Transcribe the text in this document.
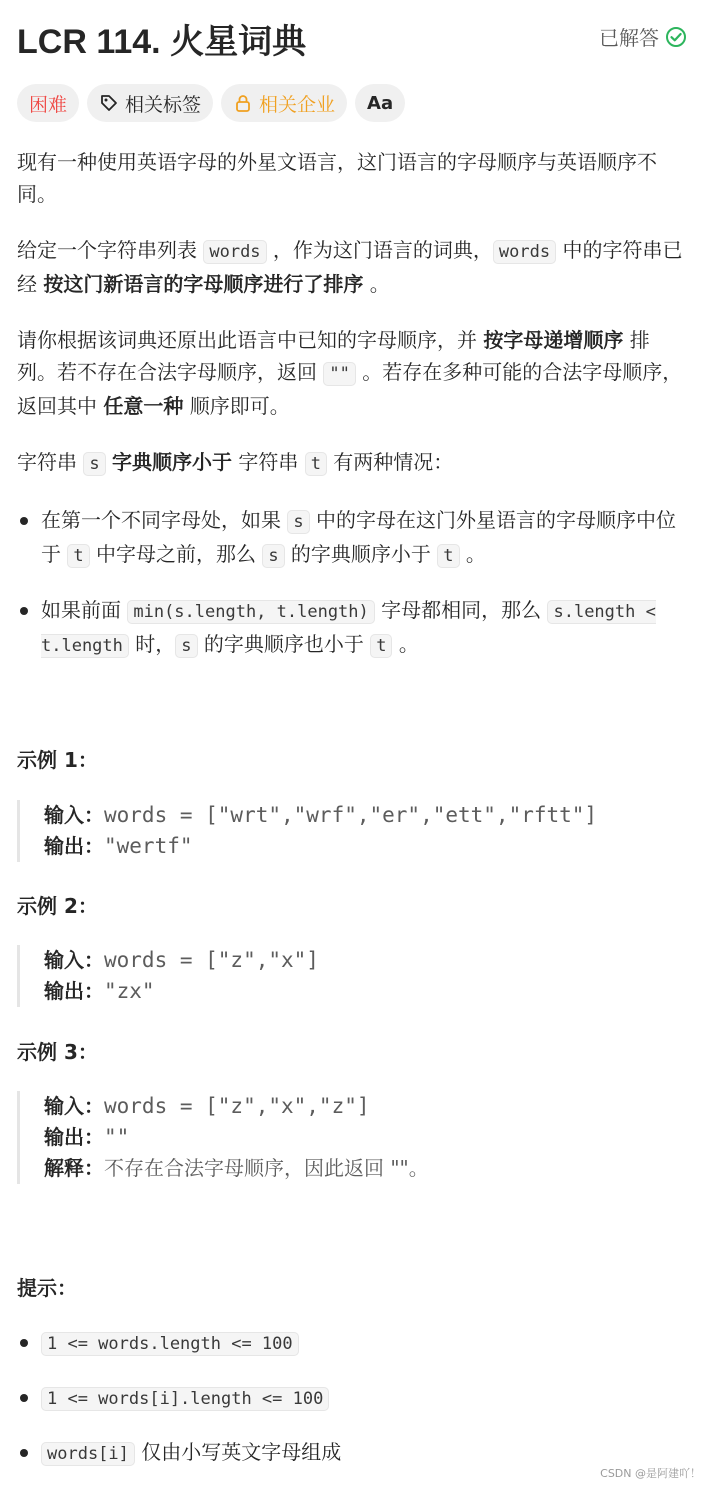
LCR 114. 火星词典	已解答
困难	相关标签	相关企业 Aa

现有一种使用英语字母的外星文语言，这门语言的字母顺序与英语顺序不同。

给定一个字符串列表 words ，作为这门语言的词典， words 中的字符串已经 按这门新语言的字母顺序进行了排序 。

请你根据该词典还原出此语言中已知的字母顺序，并 按字母递增顺序 排列。若不存在合法字母顺序，返回 "" 。若存在多种可能的合法字母顺序，返回其中 任意一种 顺序即可。

字符串 s 字典顺序小于 字符串 t 有两种情况：

在第一个不同字母处，如果 s 中的字母在这门外星语言的字母顺序中位于 t 中字母之前，那么 s 的字典顺序小于 t 。
如果前面 min(s.length, t.length) 字母都相同，那么 s.length < t.length 时， s 的字典顺序也小于 t 。
示例 1：
输入：words = ["wrt","wrf","er","ett","rftt"]
输出："wertf"
示例 2：
输入：words = ["z","x"]
输出："zx"
示例 3：
输入：words = ["z","x","z"]
输出：""
解释：不存在合法字母顺序，因此返回 ""。
提示：
1 <= words.length <= 100
1 <= words[i].length <= 100
words[i] 仅由小写英文字母组成
CSDN @是阿建吖！
